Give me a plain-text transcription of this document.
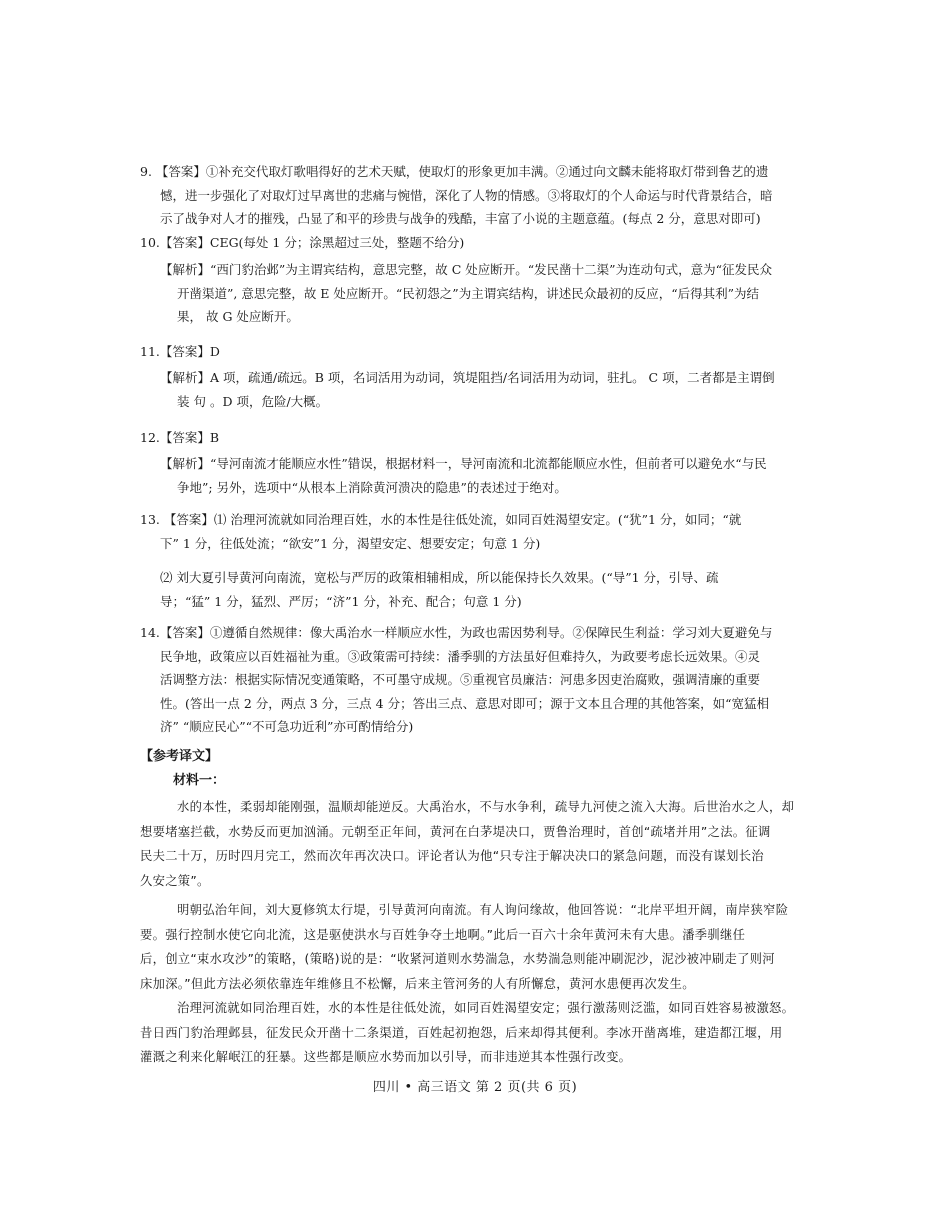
9. 【答案】①补充交代取灯歌唱得好的艺术天赋，使取灯的形象更加丰满。②通过向文麟未能将取灯带到鲁艺的遗
憾，进一步强化了对取灯过早离世的悲痛与惋惜，深化了人物的情感。③将取灯的个人命运与时代背景结合，暗
示了战争对人才的摧残，凸显了和平的珍贵与战争的残酷，丰富了小说的主题意蕴。(每点 2 分，意思对即可)
10.【答案】CEG(每处 1 分；涂黑超过三处，整题不给分)
【解析】“西门豹治邺”为主谓宾结构，意思完整，故 C 处应断开。“发民凿十二渠”为连动句式，意为“征发民众
开凿渠道”, 意思完整，故 E 处应断开。“民初怨之”为主谓宾结构，讲述民众最初的反应，“后得其利”为结
果， 故 G 处应断开。
11.【答案】D
【解析】A 项，疏通/疏远。B 项，名词活用为动词，筑堤阻挡/名词活用为动词，驻扎。 C 项，二者都是主谓倒
装 句 。D 项，危险/大概。
12.【答案】B
【解析】“导河南流才能顺应水性”错误，根据材料一，导河南流和北流都能顺应水性，但前者可以避免水“与民
争地”; 另外，选项中“从根本上消除黄河溃决的隐患”的表述过于绝对。
13. 【答案】⑴ 治理河流就如同治理百姓，水的本性是往低处流，如同百姓渴望安定。(“犹”1 分，如同；“就
下” 1 分，往低处流；“欲安”1 分，渴望安定、想要安定；句意 1 分)
⑵ 刘大夏引导黄河向南流，宽松与严厉的政策相辅相成，所以能保持长久效果。(“导”1 分，引导、疏
导；“猛” 1 分，猛烈、严厉；“济”1 分，补充、配合；句意 1 分)
14.【答案】①遵循自然规律：像大禹治水一样顺应水性，为政也需因势利导。②保障民生利益：学习刘大夏避免与
民争地，政策应以百姓福祉为重。③政策需可持续：潘季驯的方法虽好但难持久，为政要考虑长远效果。④灵
活调整方法：根据实际情况变通策略，不可墨守成规。⑤重视官员廉洁：河患多因吏治腐败，强调清廉的重要
性。(答出一点 2 分，两点 3 分，三点 4 分；答出三点、意思对即可；源于文本且合理的其他答案，如“宽猛相
济” “顺应民心”“不可急功近利”亦可酌情给分)
【参考译文】
材料一：
水的本性，柔弱却能刚强，温顺却能逆反。大禹治水，不与水争利，疏导九河使之流入大海。后世治水之人，却
想要堵塞拦截，水势反而更加汹涌。元朝至正年间，黄河在白茅堤决口，贾鲁治理时，首创“疏堵并用”之法。征调
民夫二十万，历时四月完工，然而次年再次决口。评论者认为他“只专注于解决决口的紧急问题，而没有谋划长治
久安之策”。
明朝弘治年间，刘大夏修筑太行堤，引导黄河向南流。有人询问缘故，他回答说：“北岸平坦开阔，南岸狭窄险
要。强行控制水使它向北流，这是驱使洪水与百姓争夺土地啊。”此后一百六十余年黄河未有大患。潘季驯继任
后，创立“束水攻沙”的策略，(策略)说的是：“收紧河道则水势湍急，水势湍急则能冲刷泥沙，泥沙被冲刷走了则河
床加深。”但此方法必须依靠连年维修且不松懈，后来主管河务的人有所懈怠，黄河水患便再次发生。
治理河流就如同治理百姓，水的本性是往低处流，如同百姓渴望安定；强行激荡则泛滥，如同百姓容易被激怒。
昔日西门豹治理邺县，征发民众开凿十二条渠道，百姓起初抱怨，后来却得其便利。李冰开凿离堆，建造都江堰，用
灌溉之利来化解岷江的狂暴。这些都是顺应水势而加以引导，而非违逆其本性强行改变。
四川 • 高三语文 第 2 页(共 6 页)
